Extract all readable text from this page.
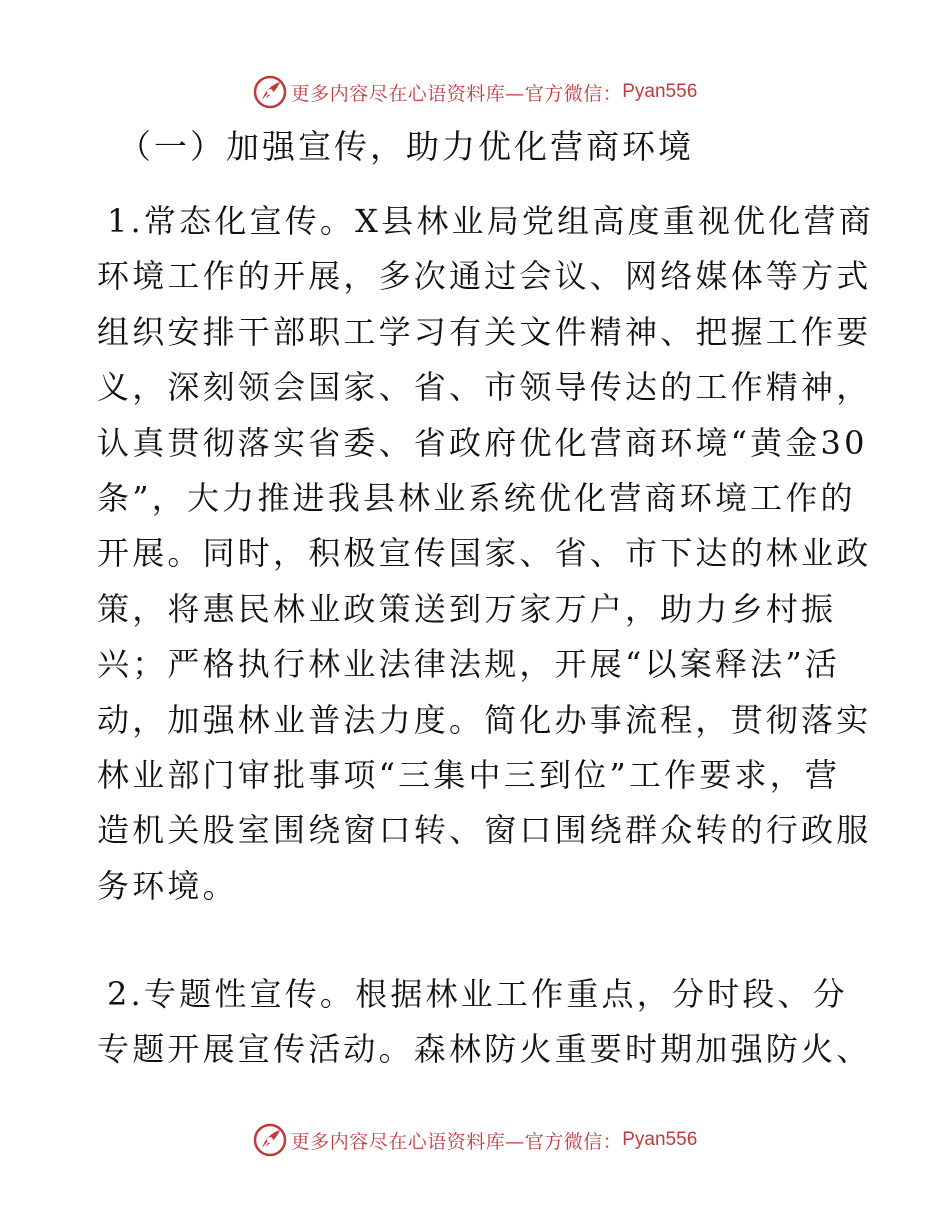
更多内容尽在心语资料库—官方微信： Pyan556
（一）加强宣传，助力优化营商环境
1.常态化宣传。X县林业局党组高度重视优化营商
环境工作的开展，多次通过会议、网络媒体等方式
组织安排干部职工学习有关文件精神、把握工作要
义，深刻领会国家、省、市领导传达的工作精神，
认真贯彻落实省委、省政府优化营商环境“黄金30
条”，大力推进我县林业系统优化营商环境工作的
开展。同时，积极宣传国家、省、市下达的林业政
策，将惠民林业政策送到万家万户，助力乡村振
兴；严格执行林业法律法规，开展“以案释法”活
动，加强林业普法力度。简化办事流程，贯彻落实
林业部门审批事项“三集中三到位”工作要求，营
造机关股室围绕窗口转、窗口围绕群众转的行政服
务环境。
2.专题性宣传。根据林业工作重点，分时段、分
专题开展宣传活动。森林防火重要时期加强防火、
更多内容尽在心语资料库—官方微信： Pyan556
